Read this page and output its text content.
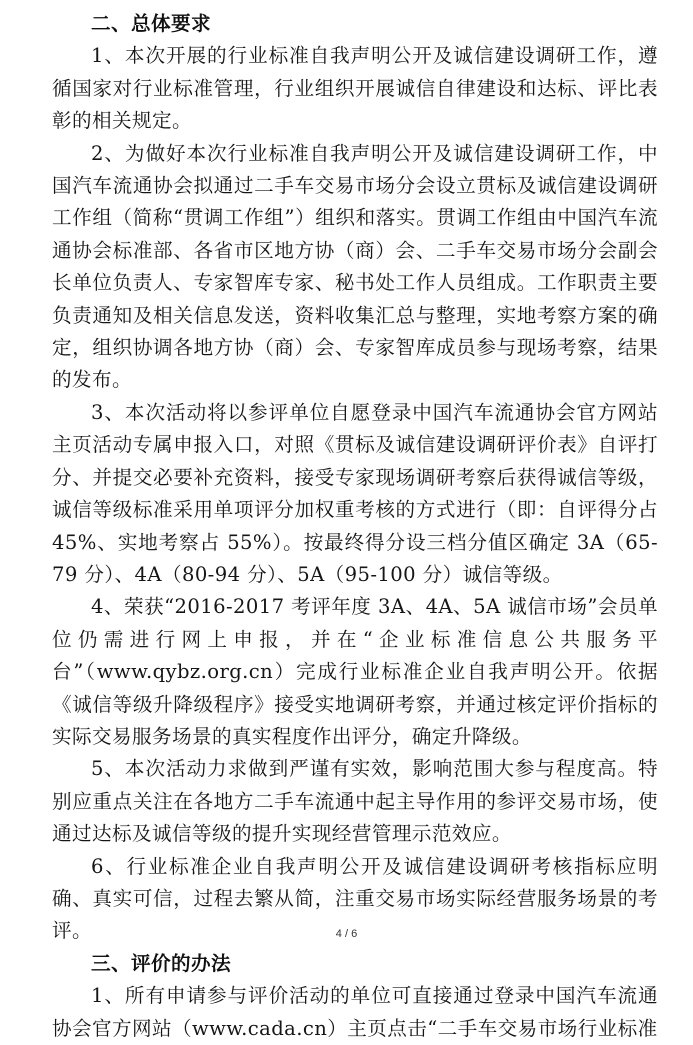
二、总体要求

1、本次开展的行业标准自我声明公开及诚信建设调研工作，遵循国家对行业标准管理，行业组织开展诚信自律建设和达标、评比表彰的相关规定。

2、为做好本次行业标准自我声明公开及诚信建设调研工作，中国汽车流通协会拟通过二手车交易市场分会设立贯标及诚信建设调研工作组（简称“贯调工作组”）组织和落实。贯调工作组由中国汽车流通协会标准部、各省市区地方协（商）会、二手车交易市场分会副会长单位负责人、专家智库专家、秘书处工作人员组成。工作职责主要负责通知及相关信息发送，资料收集汇总与整理，实地考察方案的确定，组织协调各地方协（商）会、专家智库成员参与现场考察，结果的发布。

3、本次活动将以参评单位自愿登录中国汽车流通协会官方网站主页活动专属申报入口，对照《贯标及诚信建设调研评价表》自评打分、并提交必要补充资料，接受专家现场调研考察后获得诚信等级，诚信等级标准采用单项评分加权重考核的方式进行（即：自评得分占 45%、实地考察占 55%）。按最终得分设三档分值区确定 3A（65-79 分）、4A（80-94 分）、5A（95-100 分）诚信等级。

4、荣获“2016-2017 考评年度 3A、4A、5A 诚信市场”会员单位仍需进行网上申报，并在“企业标准信息公共服务平台”（www.qybz.org.cn）完成行业标准企业自我声明公开。依据《诚信等级升降级程序》接受实地调研考察，并通过核定评价指标的实际交易服务场景的真实程度作出评分，确定升降级。

5、本次活动力求做到严谨有实效，影响范围大参与程度高。特别应重点关注在各地方二手车流通中起主导作用的参评交易市场，使通过达标及诚信等级的提升实现经营管理示范效应。

6、行业标准企业自我声明公开及诚信建设调研考核指标应明确、真实可信，过程去繁从简，注重交易市场实际经营服务场景的考评。

三、评价的办法

1、所有申请参与评价活动的单位可直接通过登录中国汽车流通协会官方网站（www.cada.cn）主页点击“二手车交易市场行业标准

4 / 6
